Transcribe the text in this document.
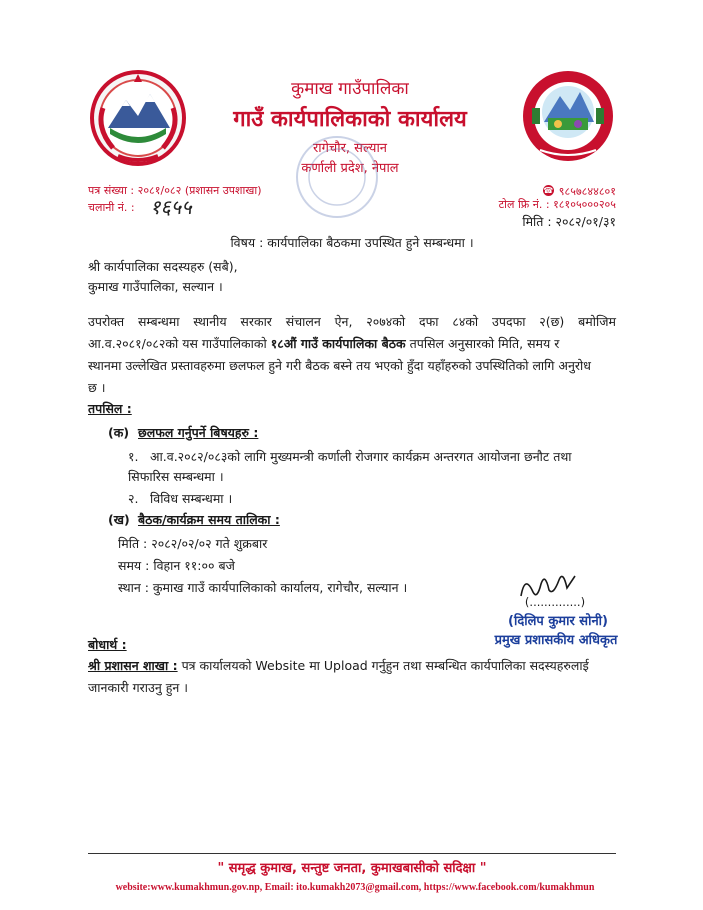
कुमाख गाउँपालिका
गाउँ कार्यपालिकाको कार्यालय
रागेचौर, सल्यान
कर्णाली प्रदेश, नेपाल
पत्र संख्या : २०८१/०८२ (प्रशासन उपशाखा)
चलानी नं. : १६५५
☎ ९८५७८४४८०१
टोल फ्रि नं. : १८१०५०००२०५
मिति : २०८२/०१/३१
विषय : कार्यपालिका बैठकमा उपस्थित हुने सम्बन्धमा ।
श्री कार्यपालिका सदस्यहरु (सबै),
कुमाख गाउँपालिका, सल्यान ।
उपरोक्त सम्बन्धमा स्थानीय सरकार संचालन ऐन, २०७४को दफा ८४को उपदफा २(छ) बमोजिम
आ.व.२०८१/०८२को यस गाउँपालिकाको १८औं गाउँ कार्यपालिका बैठक तपसिल अनुसारको मिति, समय र
स्थानमा उल्लेखित प्रस्तावहरुमा छलफल हुने गरी बैठक बस्ने तय भएको हुँदा यहाँहरुको उपस्थितिको लागि अनुरोध
छ ।
तपसिल :
(क) छलफल गर्नुपर्ने बिषयहरु :
१. आ.व.२०८२/०८३को लागि मुख्यमन्त्री कर्णाली रोजगार कार्यक्रम अन्तरगत आयोजना छनौट तथा
सिफारिस सम्बन्धमा ।
२. विविध सम्बन्धमा ।
(ख) बैठक/कार्यक्रम समय तालिका :
मिति : २०८२/०२/०२ गते शुक्रबार
समय : विहान ११:०० बजे
स्थान : कुमाख गाउँ कार्यपालिकाको कार्यालय, रागेचौर, सल्यान ।
(..............)
(दिलिप कुमार सोनी)
प्रमुख प्रशासकीय अधिकृत
बोधार्थ :
श्री प्रशासन शाखा : पत्र कार्यालयको Website मा Upload गर्नुहुन तथा सम्बन्धित कार्यपालिका सदस्यहरुलाई
जानकारी गराउनु हुन ।
" समृद्ध कुमाख, सन्तुष्ट जनता, कुमाखबासीको सदिक्षा "
website:www.kumakhmun.gov.np, Email: ito.kumakh2073@gmail.com, https://www.facebook.com/kumakhmun
